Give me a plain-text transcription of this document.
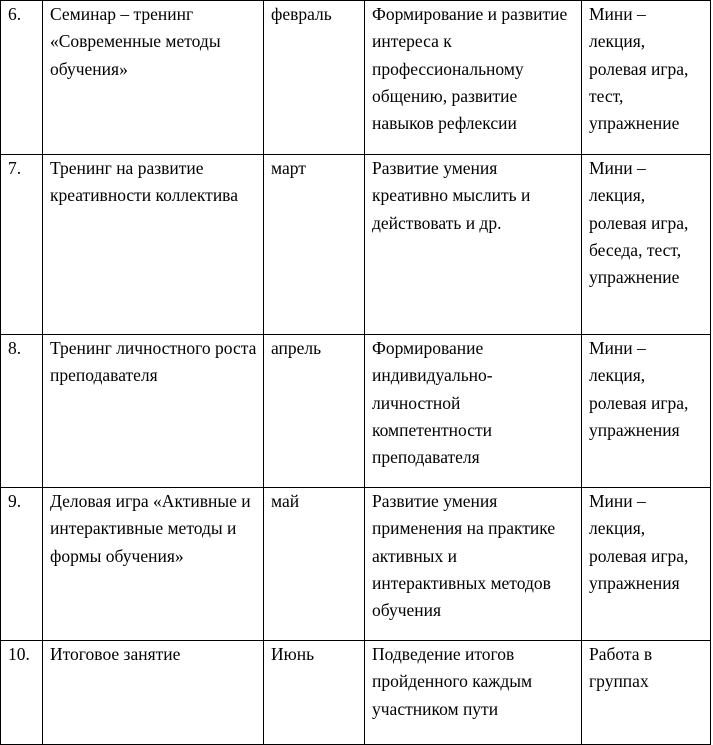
6.	Семинар – тренинг «Современные методы обучения»	февраль	Формирование и развитие интереса к профессиональному общению, развитие навыков рефлексии	Мини – лекция, ролевая игра, тест, упражнение
7.	Тренинг на развитие креативности коллектива	март	Развитие умения креативно мыслить и действовать и др.	Мини – лекция, ролевая игра, беседа, тест, упражнение
8.	Тренинг личностного роста преподавателя	апрель	Формирование индивидуально-личностной компетентности преподавателя	Мини – лекция, ролевая игра, упражнения
9.	Деловая игра «Активные и интерактивные методы и формы обучения»	май	Развитие умения применения на практике активных и интерактивных методов обучения	Мини – лекция, ролевая игра, упражнения
10.	Итоговое занятие	Июнь	Подведение итогов пройденного каждым участником пути	Работа в группах
